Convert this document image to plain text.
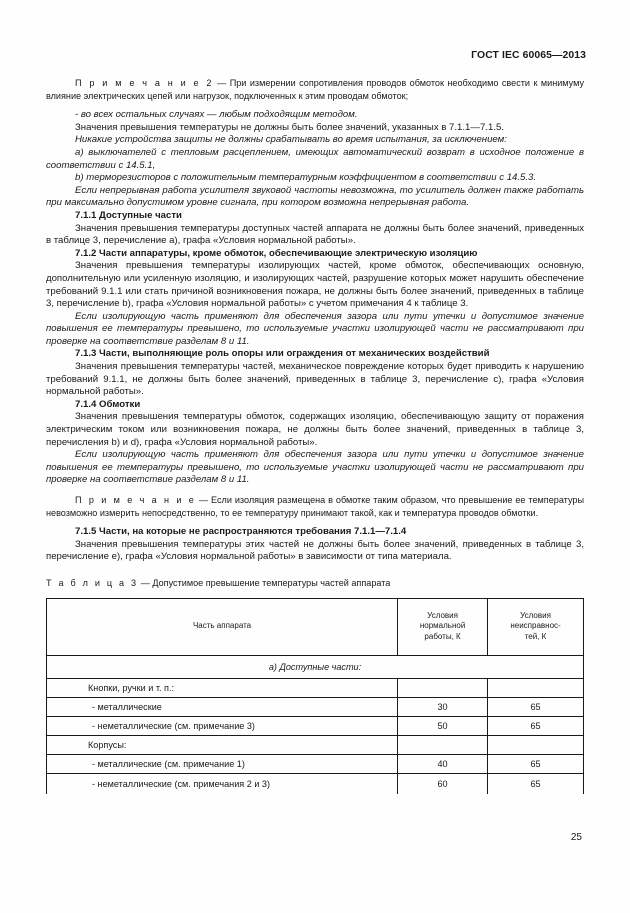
ГОСТ IEC 60065—2013

П р и м е ч а н и е 2 — При измерении сопротивления проводов обмоток необходимо свести к минимуму влияние электрических цепей или нагрузок, подключенных к этим проводам обмоток;

- во всех остальных случаях — любым подходящим методом.

Значения превышения температуры не должны быть более значений, указанных в 7.1.1—7.1.5.

Никакие устройства защиты не должны срабатывать во время испытания, за исключением:

а) выключателей с тепловым расцеплением, имеющих автоматический возврат в исходное положение в соответствии с 14.5.1,

b) терморезисторов с положительным температурным коэффициентом в соответствии с 14.5.3.

Если непрерывная работа усилителя звуковой частоты невозможна, то усилитель должен также работать при максимально допустимом уровне сигнала, при котором возможна непрерывная работа.

7.1.1 Доступные части

Значения превышения температуры доступных частей аппарата не должны быть более значений, приведенных в таблице 3, перечисление а), графа «Условия нормальной работы».

7.1.2 Части аппаратуры, кроме обмоток, обеспечивающие электрическую изоляцию

Значения превышения температуры изолирующих частей, кроме обмоток, обеспечивающих основную, дополнительную или усиленную изоляцию, и изолирующих частей, разрушение которых может нарушить обеспечение требований 9.1.1 или стать причиной возникновения пожара, не должны быть более значений, приведенных в таблице 3, перечисление b), графа «Условия нормальной работы» с учетом примечания 4 к таблице 3.

Если изолирующую часть применяют для обеспечения зазора или пути утечки и допустимое значение повышения ее температуры превышено, то используемые участки изолирующей части не рассматривают при проверке на соответствие разделам 8 и 11.

7.1.3 Части, выполняющие роль опоры или ограждения от механических воздействий

Значения превышения температуры частей, механическое повреждение которых будет приводить к нарушению требований 9.1.1, не должны быть более значений, приведенных в таблице 3, перечисление с), графа «Условия нормальной работы».

7.1.4 Обмотки

Значения превышения температуры обмоток, содержащих изоляцию, обеспечивающую защиту от поражения электрическим током или возникновения пожара, не должны быть более значений, приведенных в таблице 3, перечисления b) и d), графа «Условия нормальной работы».

Если изолирующую часть применяют для обеспечения зазора или пути утечки и допустимое значение повышения ее температуры превышено, то используемые участки изолирующей части не рассматривают при проверке на соответствие разделам 8 и 11.

П р и м е ч а н и е — Если изоляция размещена в обмотке таким образом, что превышение ее температуры невозможно измерить непосредственно, то ее температуру принимают такой, как и температура проводов обмотки.

7.1.5 Части, на которые не распространяются требования 7.1.1—7.1.4

Значения превышения температуры этих частей не должны быть более значений, приведенных в таблице 3, перечисление е), графа «Условия нормальной работы» в зависимости от типа материала.

Т а б л и ц а 3 — Допустимое превышение температуры частей аппарата

Часть аппарата	Условия нормальной работы, К	Условия неисправнос-тей, К
а) Доступные части:		
Кнопки, ручки и т. п.:		
- металлические	30	65
- неметаллические (см. примечание 3)	50	65
Корпусы:		
- металлические (см. примечание 1)	40	65
- неметаллические (см. примечания 2 и 3)	60	65
25
